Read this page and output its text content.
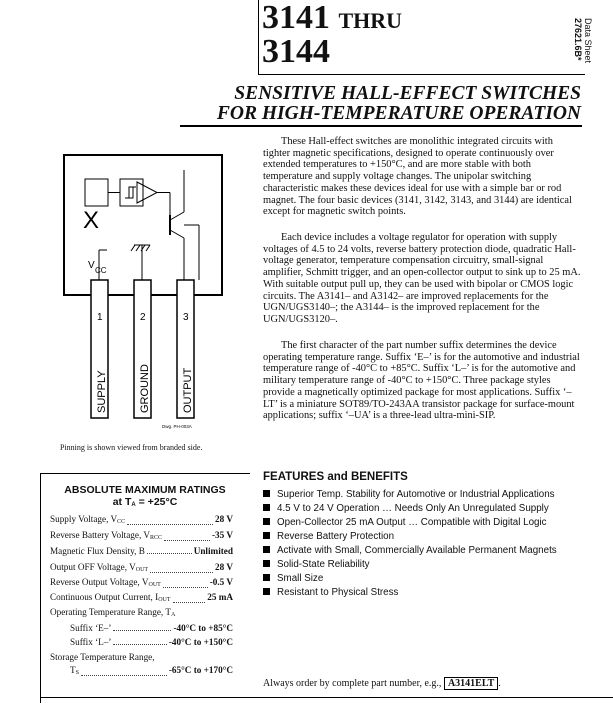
3141 THRU
3144	Data Sheet
27621.6B*
SENSITIVE HALL-EFFECT SWITCHES
FOR HIGH-TEMPERATURE OPERATION

These Hall-effect switches are monolithic integrated circuits with tighter magnetic specifications, designed to operate continuously over extended temperatures to +150°C, and are more stable with both temperature and supply voltage changes. The unipolar switching characteristic makes these devices ideal for use with a simple bar or rod magnet. The four basic devices (3141, 3142, 3143, and 3144) are identical except for magnetic switch points.

Each device includes a voltage regulator for operation with supply voltages of 4.5 to 24 volts, reverse battery protection diode, quadratic Hall-voltage generator, temperature compensation circuitry, small-signal amplifier, Schmitt trigger, and an open-collector output to sink up to 25 mA. With suitable output pull up, they can be used with bipolar or CMOS logic circuits. The A3141– and A3142– are improved replacements for the UGN/UGS3140–; the A3144– is the improved replacement for the UGN/UGS3120–.

The first character of the part number suffix determines the device operating temperature range. Suffix ‘E–’ is for the automotive and industrial temperature range of -40°C to +85°C. Suffix ‘L–’ is for the automotive and military temperature range of -40°C to +150°C. Three package styles provide a magnetically optimized package for most applications. Suffix ‘–LT’ is a miniature SOT89/TO-243AA transistor package for surface-mount applications; suffix ‘–UA’ is a three-lead ultra-mini-SIP.

X
V CC
1	2	3
SUPPLY	GROUND	OUTPUT
Dwg. PH-003A
Pinning is shown viewed from branded side.
ABSOLUTE MAXIMUM RATINGS
at $T_A = +25^\circ C$
Supply Voltage, $V_{CC}$	28 V
Reverse Battery Voltage, $V_{RCC}$	-35 V
Magnetic Flux Density, B	Unlimited
Output OFF Voltage, $V_{OUT}$	28 V
Reverse Output Voltage, $V_{OUT}$	-0.5 V
Continuous Output Current, $I_{OUT}$	25 mA
Operating Temperature Range, $T_A$
Suffix ‘E–’	-40°C to +85°C
Suffix ‘L–’	-40°C to +150°C
Storage Temperature Range,
$T_S$	-65°C to +170°C
FEATURES and BENEFITS
Superior Temp. Stability for Automotive or Industrial Applications
4.5 V to 24 V Operation … Needs Only An Unregulated Supply
Open-Collector 25 mA Output … Compatible with Digital Logic
Reverse Battery Protection
Activate with Small, Commercially Available Permanent Magnets
Solid-State Reliability
Small Size
Resistant to Physical Stress
Always order by complete part number, e.g., A3141ELT .
